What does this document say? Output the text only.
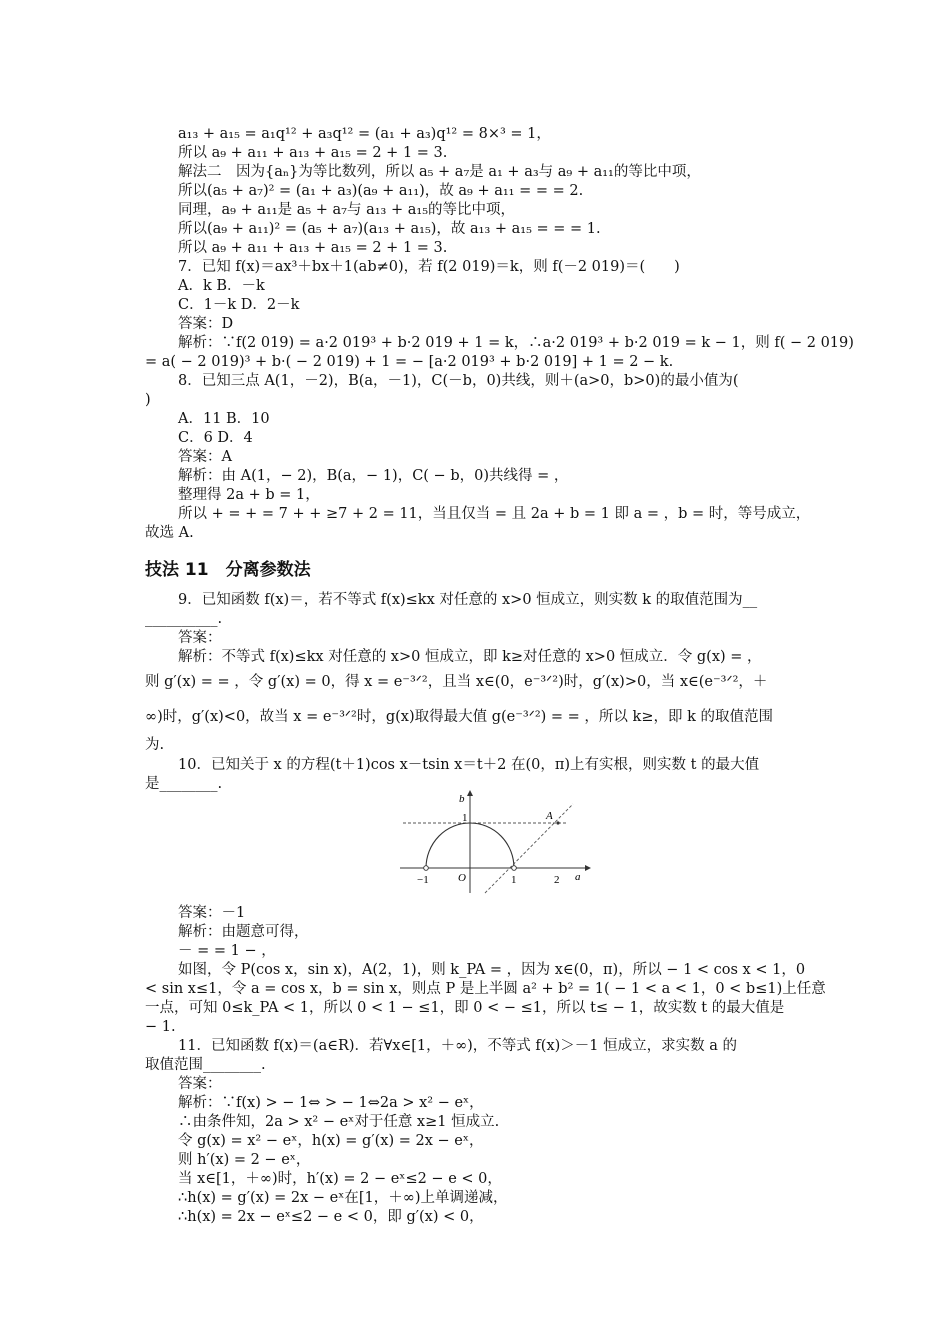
a₁₃ + a₁₅ = a₁q¹² + a₃q¹² = (a₁ + a₃)q¹² = 8×³ = 1，
所以 a₉ + a₁₁ + a₁₃ + a₁₅ = 2 + 1 = 3.
解法二　因为{aₙ}为等比数列，所以 a₅ + a₇是 a₁ + a₃与 a₉ + a₁₁的等比中项，
所以(a₅ + a₇)² = (a₁ + a₃)(a₉ + a₁₁)，故 a₉ + a₁₁ = = = 2.
同理，a₉ + a₁₁是 a₅ + a₇与 a₁₃ + a₁₅的等比中项，
所以(a₉ + a₁₁)² = (a₅ + a₇)(a₁₃ + a₁₅)，故 a₁₃ + a₁₅ = = = 1.
所以 a₉ + a₁₁ + a₁₃ + a₁₅ = 2 + 1 = 3.
7．已知 f(x)＝ax³＋bx＋1(ab≠0)，若 f(2 019)＝k，则 f(－2 019)＝(　　)
A．k B．－k
C．1－k D．2－k
答案：D
解析：∵f(2 019) = a·2 019³ + b·2 019 + 1 = k，∴a·2 019³ + b·2 019 = k − 1，则 f( − 2 019)
= a( − 2 019)³ + b·( − 2 019) + 1 = − [a·2 019³ + b·2 019] + 1 = 2 − k.
8．已知三点 A(1，－2)，B(a，－1)，C(－b，0)共线，则＋(a>0，b>0)的最小值为(
)
A．11 B．10
C．6 D．4
答案：A
解析：由 A(1，− 2)，B(a，− 1)，C( − b，0)共线得 = ，
整理得 2a + b = 1，
所以 + = + = 7 + + ≥7 + 2 = 11，当且仅当 = 且 2a + b = 1 即 a = ，b = 时，等号成立，
故选 A.
技法 11　分离参数法
9．已知函数 f(x)＝，若不等式 f(x)≤kx 对任意的 x>0 恒成立，则实数 k 的取值范围为__
__________.
答案：
解析：不等式 f(x)≤kx 对任意的 x>0 恒成立，即 k≥对任意的 x>0 恒成立．令 g(x) = ，
则 g′(x) = = ，令 g′(x) = 0，得 x = e⁻³ᐟ²，且当 x∈(0，e⁻³ᐟ²)时，g′(x)>0，当 x∈(e⁻³ᐟ²，＋
∞)时，g′(x)<0，故当 x = e⁻³ᐟ²时，g(x)取得最大值 g(e⁻³ᐟ²) = = ，所以 k≥，即 k 的取值范围
为.
10．已知关于 x 的方程(t＋1)cos x－tsin x＝t＋2 在(0，π)上有实根，则实数 t 的最大值
是________.
b
a
1	A
−1	O	1	2
答案：－1
解析：由题意可得，
－ = = 1 − ，
如图，令 P(cos x，sin x)，A(2，1)，则 k_PA = ，因为 x∈(0，π)，所以 − 1 < cos x < 1，0
< sin x≤1，令 a = cos x，b = sin x，则点 P 是上半圆 a² + b² = 1( − 1 < a < 1，0 < b≤1)上任意
一点，可知 0≤k_PA < 1，所以 0 < 1 − ≤1，即 0 < − ≤1，所以 t≤ − 1，故实数 t 的最大值是
− 1.
11．已知函数 f(x)＝(a∈R)．若∀x∈[1，＋∞)，不等式 f(x)＞－1 恒成立，求实数 a 的
取值范围________.
答案：
解析：∵f(x) > − 1⇔ > − 1⇔2a > x² − eˣ，
∴由条件知，2a > x² − eˣ对于任意 x≥1 恒成立.
令 g(x) = x² − eˣ，h(x) = g′(x) = 2x − eˣ，
则 h′(x) = 2 − eˣ，
当 x∈[1，＋∞)时，h′(x) = 2 − eˣ≤2 − e < 0，
∴h(x) = g′(x) = 2x − eˣ在[1，＋∞)上单调递减，
∴h(x) = 2x − eˣ≤2 − e < 0，即 g′(x) < 0，
